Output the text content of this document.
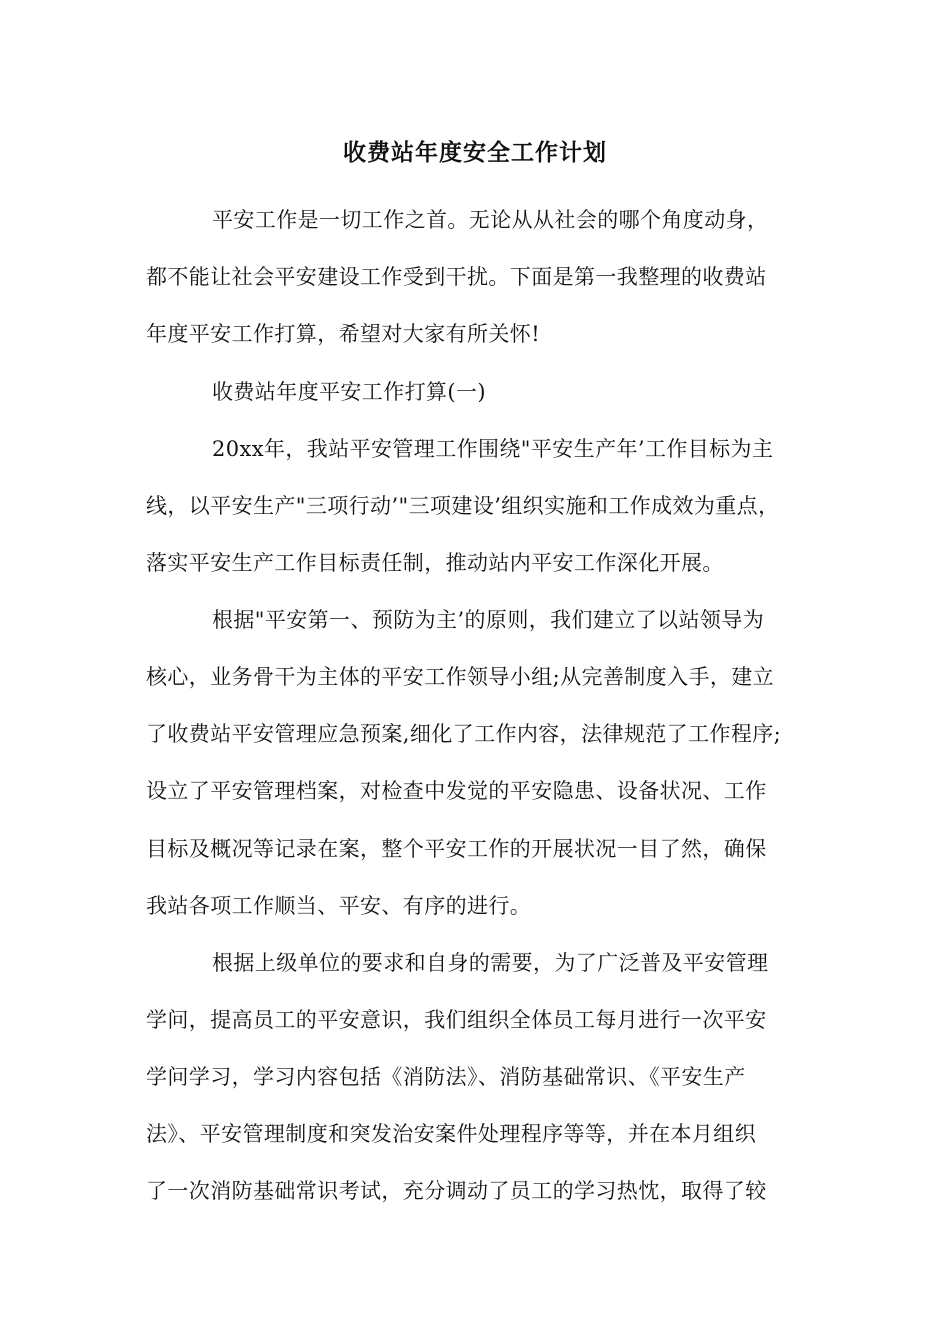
收费站年度安全工作计划
平安工作是一切工作之首。无论从从社会的哪个角度动身，
都不能让社会平安建设工作受到干扰。下面是第一我整理的收费站
年度平安工作打算，希望对大家有所关怀!
收费站年度平安工作打算(一)
20xx年，我站平安管理工作围绕"平安生产年’工作目标为主
线，以平安生产"三项行动’"三项建设’组织实施和工作成效为重点，
落实平安生产工作目标责任制，推动站内平安工作深化开展。
根据"平安第一、预防为主’的原则，我们建立了以站领导为
核心，业务骨干为主体的平安工作领导小组;从完善制度入手，建立
了收费站平安管理应急预案,细化了工作内容，法律规范了工作程序;
设立了平安管理档案，对检查中发觉的平安隐患、设备状况、工作
目标及概况等记录在案，整个平安工作的开展状况一目了然，确保
我站各项工作顺当、平安、有序的进行。
根据上级单位的要求和自身的需要，为了广泛普及平安管理
学问，提高员工的平安意识，我们组织全体员工每月进行一次平安
学问学习，学习内容包括《消防法》、消防基础常识、《平安生产
法》、平安管理制度和突发治安案件处理程序等等，并在本月组织
了一次消防基础常识考试，充分调动了员工的学习热忱，取得了较
